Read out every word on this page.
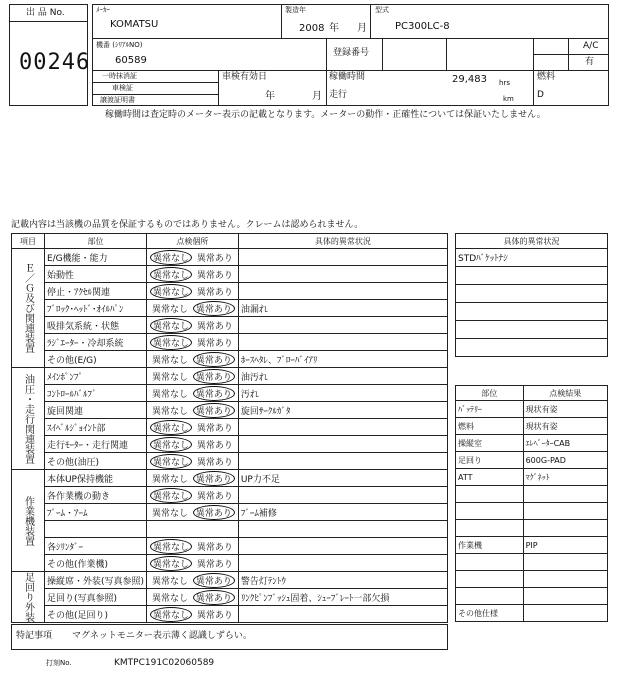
出 品 No.
00246
ﾒｰｶｰ
KOMATSU
製造年
2008 年 月
型式
PC300LC-8
機番 (ｼﾘｱﾙNO)
60589
登録番号
A/C
有
一時抹消証
車検証
譲渡証明書
車検有効日
年	月
稼働時間	29,483 hrs
走行	km
燃料
D
稼働時間は査定時のメーター表示の記載となります。メーターの動作・正確性については保証いたしません。
記載内容は当該機の品質を保証するものではありません。クレームは認められません。
項目	部位	点検個所	具体的異常状況

Ｅ／Ｇ及び関連装置	E/G機能・能力	異常なし 異常あり	
	始動性	異常なし 異常あり	
	停止・ｱｸｾﾙ関連	異常なし 異常あり	
	ﾌﾞﾛｯｸ･ﾍｯﾄﾞ･ｵｲﾙﾊﾟﾝ	異常なし 異常あり	油漏れ
	吸排気系統・状態	異常なし 異常あり	
	ﾗｼﾞｴｰﾀｰ・冷却系統	異常なし 異常あり	
	その他(E/G)	異常なし 異常あり	ﾎｰｽﾍﾀﾚ、ﾌﾞﾛｰﾊﾞｲｱﾘ

油圧・走行関連装置	ﾒｲﾝﾎﾟﾝﾌﾟ	異常なし 異常あり	油汚れ
	ｺﾝﾄﾛｰﾙﾊﾞﾙﾌﾞ	異常なし 異常あり	汚れ
	旋回関連	異常なし 異常あり	旋回ｻｰｸﾙｶﾞﾀ
	ｽｲﾍﾞﾙｼﾞｮｲﾝﾄ部	異常なし 異常あり	
	走行ﾓｰﾀｰ・走行関連	異常なし 異常あり	
	その他(油圧)	異常なし 異常あり	

作業機装置	本体UP保持機能	異常なし 異常あり	UP力不足
	各作業機の動き	異常なし 異常あり	
	ﾌﾞｰﾑ・ｱｰﾑ	異常なし 異常あり	ﾌﾞｰﾑ補修

	各ｼﾘﾝﾀﾞｰ	異常なし 異常あり	
	その他(作業機)	異常なし 異常あり	

足回り外装	操縦席・外装(写真参照)	異常なし 異常あり	警告灯ﾃﾝﾄｳ
	足回り(写真参照)	異常なし 異常あり	ﾘﾝｸﾋﾟﾝﾌﾞｯｼｭ固着、ｼｭｰﾌﾞﾚｰﾄ一部欠損
	その他(足回り)	異常なし 異常あり	
特記事項 マグネットモニター表示薄く認識しずらい。
打刻No.	KMTPC191C02060589
具体的異常状況
STDﾊﾞｹｯﾄﾅｼ

部位	点検結果
ﾊﾞｯﾃﾘｰ	現状有姿
燃料	現状有姿
操縦室	ｴﾚﾍﾞｰﾀｰCAB
足回り	600G-PAD
ATT	ﾏｸﾞﾈｯﾄ

作業機	PIP

その他仕様	
